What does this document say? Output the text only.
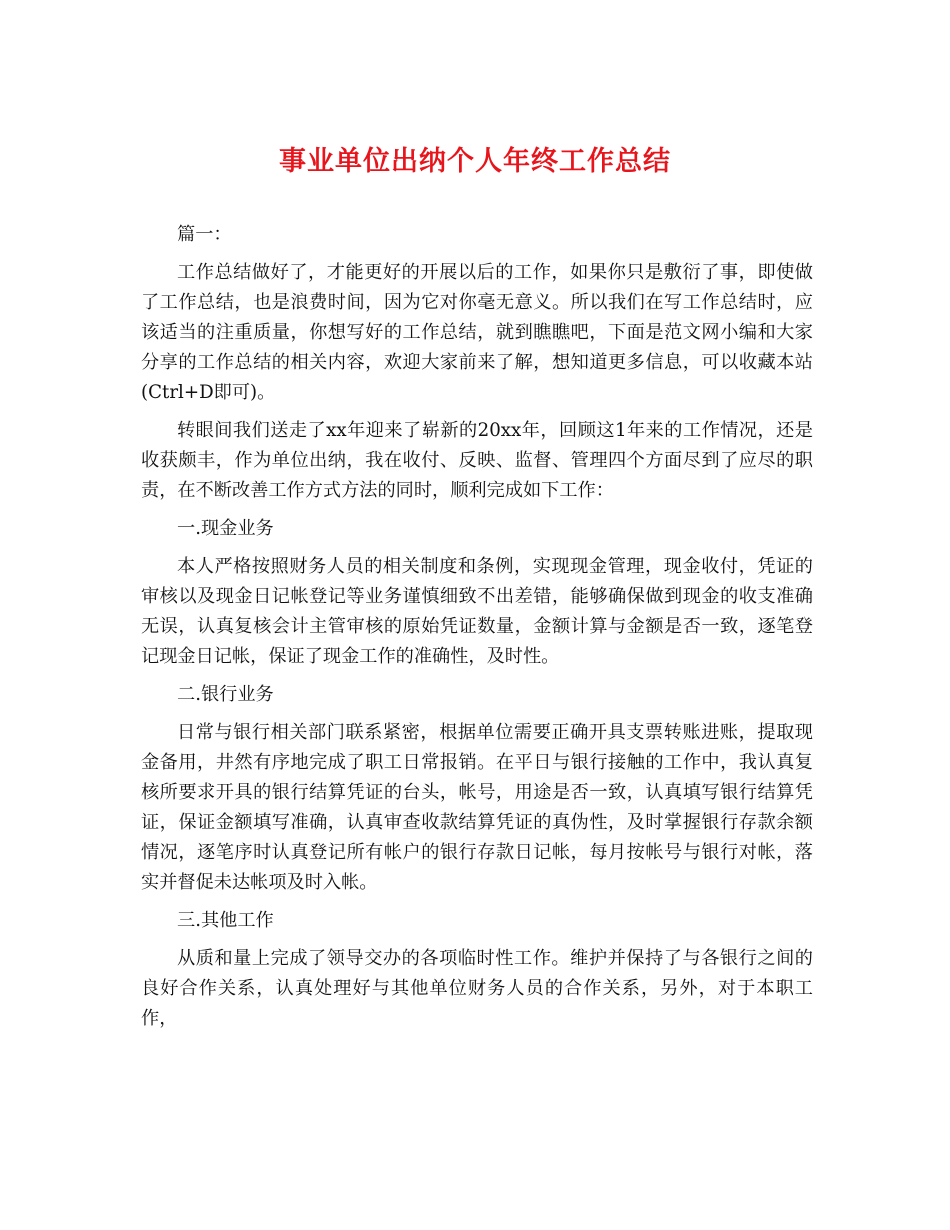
事业单位出纳个人年终工作总结

篇一：

工作总结做好了，才能更好的开展以后的工作，如果你只是敷衍了事，即使做了工作总结，也是浪费时间，因为它对你毫无意义。所以我们在写工作总结时，应该适当的注重质量，你想写好的工作总结，就到瞧瞧吧，下面是范文网小编和大家分享的工作总结的相关内容，欢迎大家前来了解，想知道更多信息，可以收藏本站(Ctrl+D即可)。

转眼间我们送走了xx年迎来了崭新的20xx年，回顾这1年来的工作情况，还是收获颇丰，作为单位出纳，我在收付、反映、监督、管理四个方面尽到了应尽的职责，在不断改善工作方式方法的同时，顺利完成如下工作：

一.现金业务

本人严格按照财务人员的相关制度和条例，实现现金管理，现金收付，凭证的审核以及现金日记帐登记等业务谨慎细致不出差错，能够确保做到现金的收支准确无误，认真复核会计主管审核的原始凭证数量，金额计算与金额是否一致，逐笔登记现金日记帐，保证了现金工作的准确性，及时性。

二.银行业务

日常与银行相关部门联系紧密，根据单位需要正确开具支票转账进账，提取现金备用，井然有序地完成了职工日常报销。在平日与银行接触的工作中，我认真复核所要求开具的银行结算凭证的台头，帐号，用途是否一致，认真填写银行结算凭证，保证金额填写准确，认真审查收款结算凭证的真伪性，及时掌握银行存款余额情况，逐笔序时认真登记所有帐户的银行存款日记帐，每月按帐号与银行对帐，落实并督促未达帐项及时入帐。

三.其他工作

从质和量上完成了领导交办的各项临时性工作。维护并保持了与各银行之间的良好合作关系，认真处理好与其他单位财务人员的合作关系，另外，对于本职工作，
